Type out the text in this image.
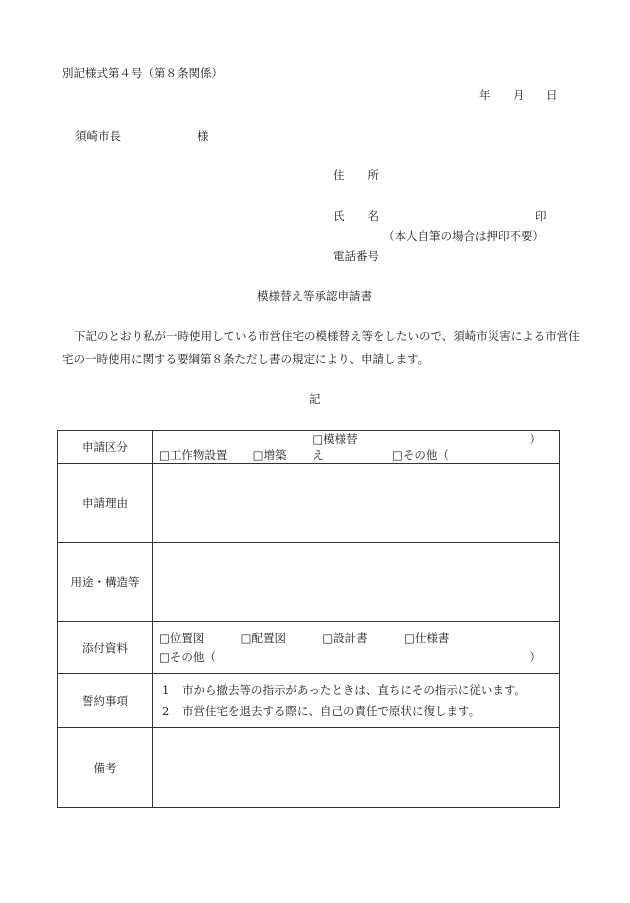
別記様式第４号（第８条関係）
年 月 日
須崎市長	様
住　　所
氏　　名	印
（本人自筆の場合は押印不要）
電話番号
模様替え等承認申請書
下記のとおり私が一時使用している市営住宅の模様替え等をしたいので、須崎市災害による市営住
宅の一時使用に関する要綱第８条ただし書の規定により、申請します。
記
申請区分	□工作物設置 □増築 □模様替え □その他（
）

申請理由	
用途・構造等	
添付資料	□位置図 □配置図 □設計書 □仕様書
□その他（ ）

誓約事項	1 市から撤去等の指示があったときは、直ちにその指示に従います。
2 市営住宅を退去する際に、自己の責任で原状に復します。

備考	
